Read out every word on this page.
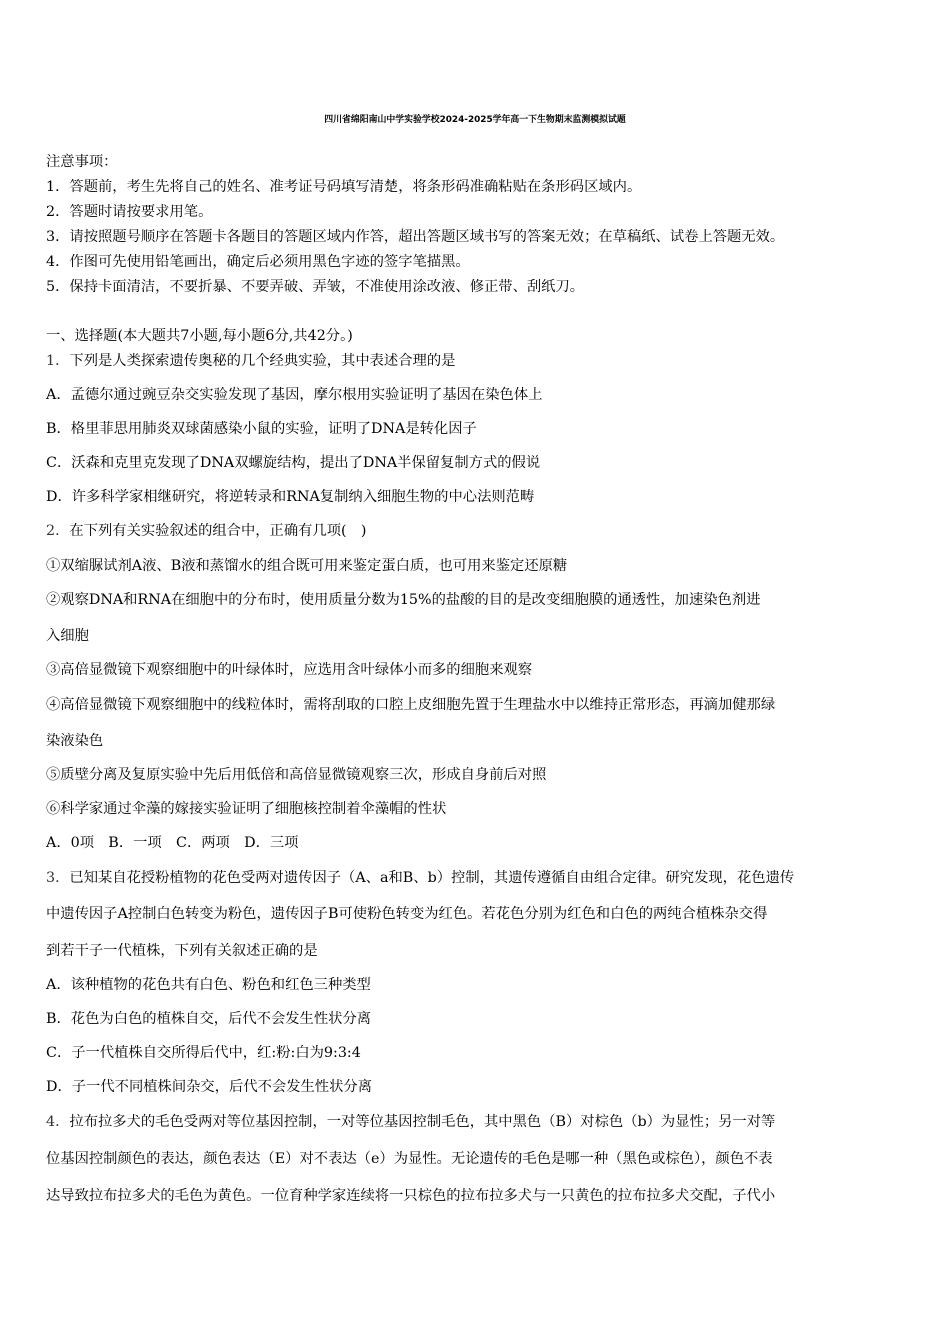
四川省绵阳南山中学实验学校2024-2025学年高一下生物期末监测模拟试题
注意事项：
1．答题前，考生先将自己的姓名、准考证号码填写清楚，将条形码准确粘贴在条形码区域内。
2．答题时请按要求用笔。
3．请按照题号顺序在答题卡各题目的答题区域内作答，超出答题区域书写的答案无效；在草稿纸、试卷上答题无效。
4．作图可先使用铅笔画出，确定后必须用黑色字迹的签字笔描黑。
5．保持卡面清洁，不要折暴、不要弄破、弄皱，不准使用涂改液、修正带、刮纸刀。
一、选择题(本大题共7小题,每小题6分,共42分。)
1．下列是人类探索遗传奥秘的几个经典实验，其中表述合理的是
A．孟德尔通过豌豆杂交实验发现了基因，摩尔根用实验证明了基因在染色体上
B．格里菲思用肺炎双球菌感染小鼠的实验，证明了DNA是转化因子
C．沃森和克里克发现了DNA双螺旋结构，提出了DNA半保留复制方式的假说
D．许多科学家相继研究，将逆转录和RNA复制纳入细胞生物的中心法则范畴
2．在下列有关实验叙述的组合中，正确有几项(　)
①双缩脲试剂A液、B液和蒸馏水的组合既可用来鉴定蛋白质，也可用来鉴定还原糖
②观察DNA和RNA在细胞中的分布时，使用质量分数为15%的盐酸的目的是改变细胞膜的通透性，加速染色剂进
入细胞
③高倍显微镜下观察细胞中的叶绿体时，应选用含叶绿体小而多的细胞来观察
④高倍显微镜下观察细胞中的线粒体时，需将刮取的口腔上皮细胞先置于生理盐水中以维持正常形态，再滴加健那绿
染液染色
⑤质壁分离及复原实验中先后用低倍和高倍显微镜观察三次，形成自身前后对照
⑥科学家通过伞藻的嫁接实验证明了细胞核控制着伞藻帽的性状
A．0项　B．一项　C．两项　D．三项
3．已知某自花授粉植物的花色受两对遗传因子（A、a和B、b）控制，其遗传遵循自由组合定律。研究发现，花色遗传
中遗传因子A控制白色转变为粉色，遗传因子B可使粉色转变为红色。若花色分别为红色和白色的两纯合植株杂交得
到若干子一代植株，下列有关叙述正确的是
A．该种植物的花色共有白色、粉色和红色三种类型
B．花色为白色的植株自交，后代不会发生性状分离
C．子一代植株自交所得后代中，红:粉:白为9:3:4
D．子一代不同植株间杂交，后代不会发生性状分离
4．拉布拉多犬的毛色受两对等位基因控制，一对等位基因控制毛色，其中黑色（B）对棕色（b）为显性；另一对等
位基因控制颜色的表达，颜色表达（E）对不表达（e）为显性。无论遗传的毛色是哪一种（黑色或棕色），颜色不表
达导致拉布拉多犬的毛色为黄色。一位育种学家连续将一只棕色的拉布拉多犬与一只黄色的拉布拉多犬交配，子代小
